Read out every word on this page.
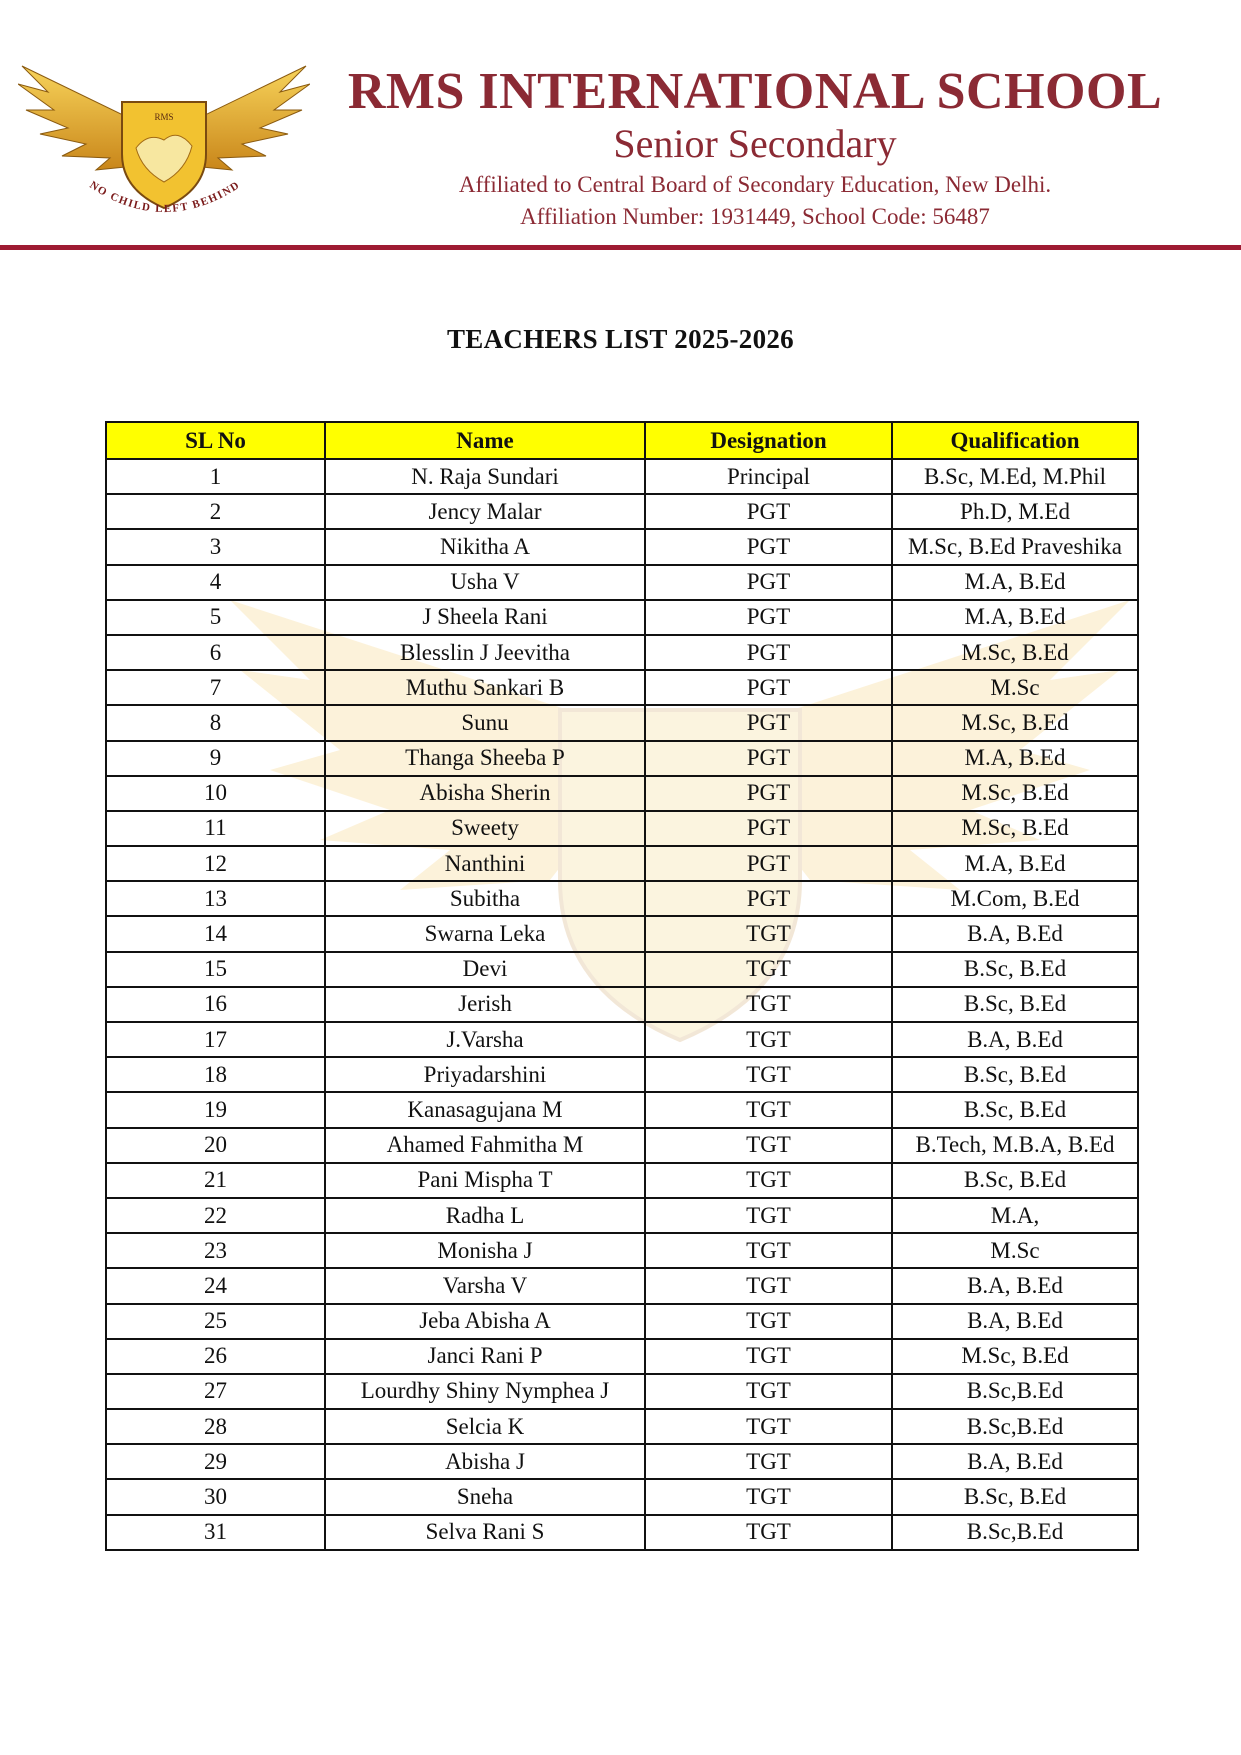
RMS
NO CHILD LEFT BEHIND
RMS INTERNATIONAL SCHOOL
Senior Secondary
Affiliated to Central Board of Secondary Education, New Delhi.
Affiliation Number: 1931449, School Code: 56487
TEACHERS LIST 2025-2026
SL No	Name	Designation	Qualification
1	N. Raja Sundari	Principal	B.Sc, M.Ed, M.Phil
2	Jency Malar	PGT	Ph.D, M.Ed
3	Nikitha A	PGT	M.Sc, B.Ed Praveshika
4	Usha V	PGT	M.A, B.Ed
5	J Sheela Rani	PGT	M.A, B.Ed
6	Blesslin J Jeevitha	PGT	M.Sc, B.Ed
7	Muthu Sankari B	PGT	M.Sc
8	Sunu	PGT	M.Sc, B.Ed
9	Thanga Sheeba P	PGT	M.A, B.Ed
10	Abisha Sherin	PGT	M.Sc, B.Ed
11	Sweety	PGT	M.Sc, B.Ed
12	Nanthini	PGT	M.A, B.Ed
13	Subitha	PGT	M.Com, B.Ed
14	Swarna Leka	TGT	B.A, B.Ed
15	Devi	TGT	B.Sc, B.Ed
16	Jerish	TGT	B.Sc, B.Ed
17	J.Varsha	TGT	B.A, B.Ed
18	Priyadarshini	TGT	B.Sc, B.Ed
19	Kanasagujana M	TGT	B.Sc, B.Ed
20	Ahamed Fahmitha M	TGT	B.Tech, M.B.A, B.Ed
21	Pani Mispha T	TGT	B.Sc, B.Ed
22	Radha L	TGT	M.A,
23	Monisha J	TGT	M.Sc
24	Varsha V	TGT	B.A, B.Ed
25	Jeba Abisha A	TGT	B.A, B.Ed
26	Janci Rani P	TGT	M.Sc, B.Ed
27	Lourdhy Shiny Nymphea J	TGT	B.Sc,B.Ed
28	Selcia K	TGT	B.Sc,B.Ed
29	Abisha J	TGT	B.A, B.Ed
30	Sneha	TGT	B.Sc, B.Ed
31	Selva Rani S	TGT	B.Sc,B.Ed
